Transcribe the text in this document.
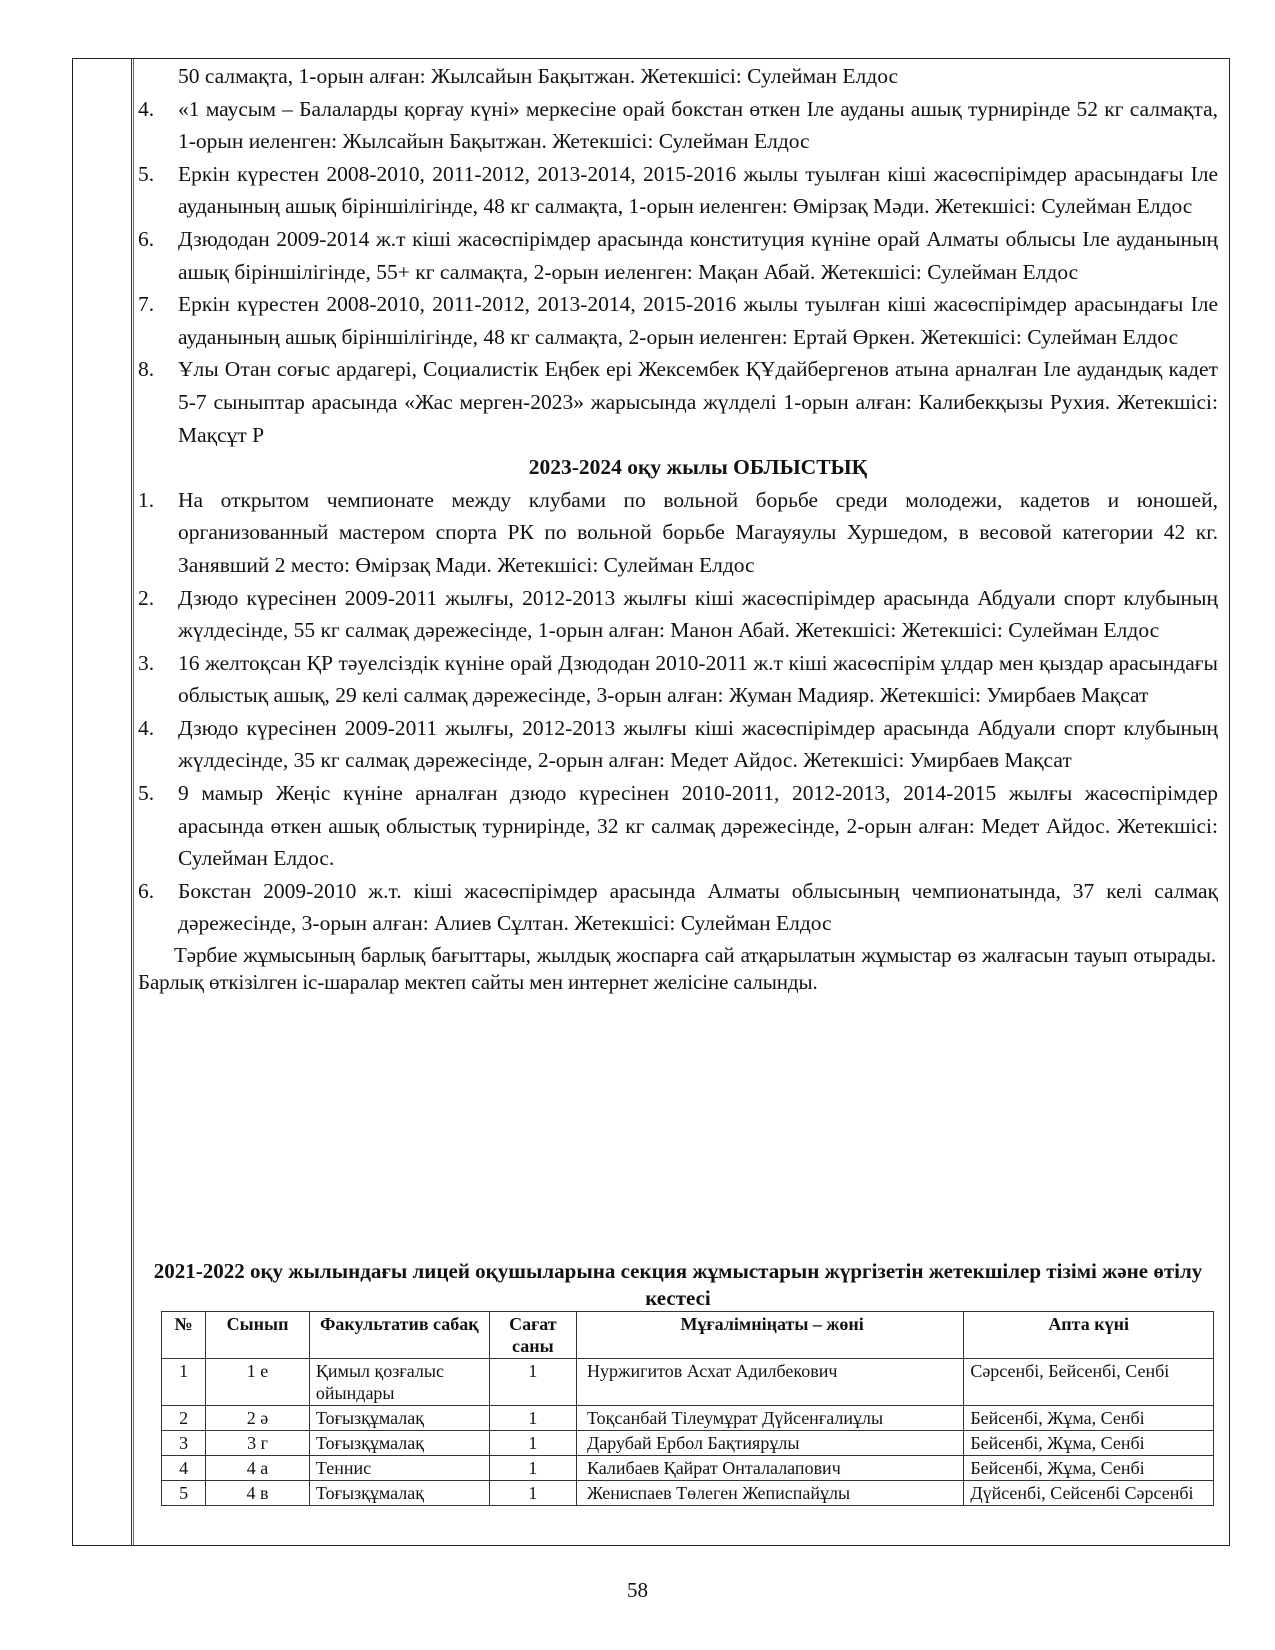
50 салмақта, 1-орын алған: Жылсайын Бақытжан. Жетекшісі: Сулейман Елдос
4. «1 маусым – Балаларды қорғау күні» меркесіне орай бокстан өткен Іле ауданы ашық турнирінде 52 кг салмақта, 1-орын иеленген: Жылсайын Бақытжан. Жетекшісі: Сулейман Елдос
5. Еркін күрестен 2008-2010, 2011-2012, 2013-2014, 2015-2016 жылы туылған кіші жасөспірімдер арасындағы Іле ауданының ашық біріншілігінде, 48 кг салмақта, 1-орын иеленген: Өмірзақ Мәди. Жетекшісі: Сулейман Елдос
6. Дзюдодан 2009-2014 ж.т кіші жасөспірімдер арасында конституция күніне орай Алматы облысы Іле ауданының ашық біріншілігінде, 55+ кг салмақта, 2-орын иеленген: Мақан Абай. Жетекшісі: Сулейман Елдос
7. Еркін күрестен 2008-2010, 2011-2012, 2013-2014, 2015-2016 жылы туылған кіші жасөспірімдер арасындағы Іле ауданының ашық біріншілігінде, 48 кг салмақта, 2-орын иеленген: Ертай Өркен. Жетекшісі: Сулейман Елдос
8. Ұлы Отан соғыс ардагері, Социалистік Еңбек ері Жексембек ҚҰдайбергенов атына арналған Іле аудандық кадет 5-7 сыныптар арасында «Жас мерген-2023» жарысында жүлделі 1-орын алған: Калибекқызы Рухия. Жетекшісі: Мақсұт Р
2023-2024 оқу жылы ОБЛЫСТЫҚ
1. На открытом чемпионате между клубами по вольной борьбе среди молодежи, кадетов и юношей, организованный мастером спорта РК по вольной борьбе Магауяулы Хуршедом, в весовой категории 42 кг. Занявший 2 место: Өмірзақ Мади. Жетекшісі: Сулейман Елдос
2. Дзюдо күресінен 2009-2011 жылғы, 2012-2013 жылғы кіші жасөспірімдер арасында Абдуали спорт клубының жүлдесінде, 55 кг салмақ дәрежесінде, 1-орын алған: Манон Абай. Жетекшісі: Жетекшісі: Сулейман Елдос
3. 16 желтоқсан ҚР тәуелсіздік күніне орай Дзюдодан 2010-2011 ж.т кіші жасөспірім ұлдар мен қыздар арасындағы облыстық ашық, 29 келі салмақ дәрежесінде, 3-орын алған: Жуман Мадияр. Жетекшісі: Умирбаев Мақсат
4. Дзюдо күресінен 2009-2011 жылғы, 2012-2013 жылғы кіші жасөспірімдер арасында Абдуали спорт клубының жүлдесінде, 35 кг салмақ дәрежесінде, 2-орын алған: Медет Айдос. Жетекшісі: Умирбаев Мақсат
5. 9 мамыр Жеңіс күніне арналған дзюдо күресінен 2010-2011, 2012-2013, 2014-2015 жылғы жасөспірімдер арасында өткен ашық облыстық турнирінде, 32 кг салмақ дәрежесінде, 2-орын алған: Медет Айдос. Жетекшісі: Сулейман Елдос.
6. Бокстан 2009-2010 ж.т. кіші жасөспірімдер арасында Алматы облысының чемпионатында, 37 келі салмақ дәрежесінде, 3-орын алған: Алиев Сұлтан. Жетекшісі: Сулейман Елдос
Тәрбие жұмысының барлық бағыттары, жылдық жоспарға сай атқарылатын жұмыстар өз жалғасын тауып отырады. Барлық өткізілген іс-шаралар мектеп сайты мен интернет желісіне салынды.
2021-2022 оқу жылындағы лицей оқушыларына секция жұмыстарын жүргізетін жетекшілер тізімі және өтілу кестесі
№	Сынып	Факультатив сабақ	Сағат саны	Мұғалімніңаты – жөні	Апта күні
1	1 е	Қимыл қозғалыс ойындары	1	Нуржигитов Асхат Адилбекович	Сәрсенбі, Бейсенбі, Сенбі
2	2 ә	Тоғызқұмалақ	1	Тоқсанбай Тілеумұрат Дүйсенғалиұлы	Бейсенбі, Жұма, Сенбі
3	3 г	Тоғызқұмалақ	1	Дарубай Ербол Бақтиярұлы	Бейсенбі, Жұма, Сенбі
4	4 а	Теннис	1	Калибаев Қайрат Онталалапович	Бейсенбі, Жұма, Сенбі
5	4 в	Тоғызқұмалақ	1	Жениспаев Төлеген Жеписпайұлы	Дүйсенбі, Сейсенбі Сәрсенбі
58
